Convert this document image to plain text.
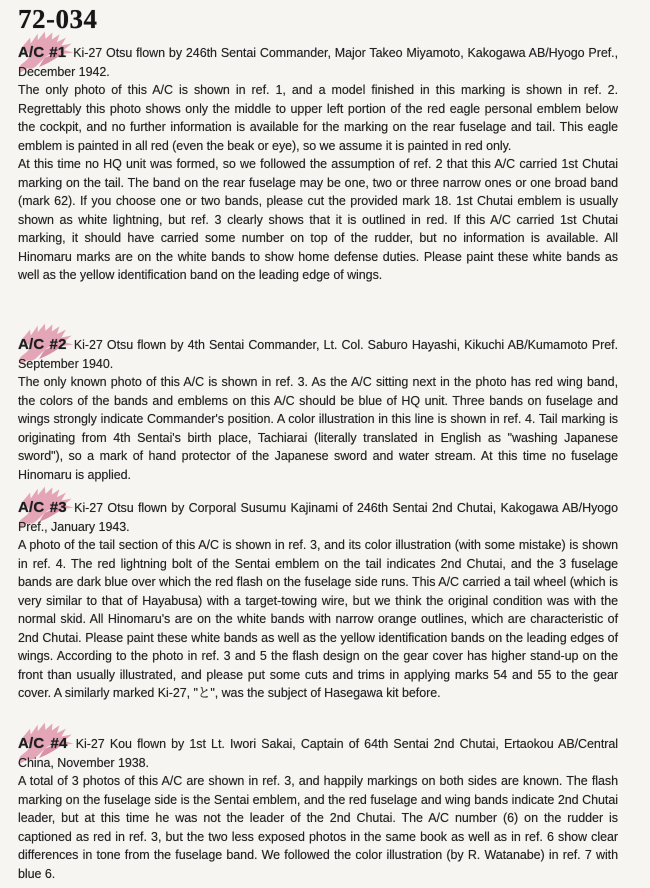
72-034
A/C #1 Ki-27 Otsu flown by 246th Sentai Commander, Major Takeo Miyamoto, Kakogawa AB/Hyogo Pref., December 1942.
The only photo of this A/C is shown in ref. 1, and a model finished in this marking is shown in ref. 2. Regrettably this photo shows only the middle to upper left portion of the red eagle personal emblem below the cockpit, and no further information is available for the marking on the rear fuselage and tail. This eagle emblem is painted in all red (even the beak or eye), so we assume it is painted in red only.
At this time no HQ unit was formed, so we followed the assumption of ref. 2 that this A/C carried 1st Chutai marking on the tail. The band on the rear fuselage may be one, two or three narrow ones or one broad band (mark 62). If you choose one or two bands, please cut the provided mark 18. 1st Chutai emblem is usually shown as white lightning, but ref. 3 clearly shows that it is outlined in red. If this A/C carried 1st Chutai marking, it should have carried some number on top of the rudder, but no information is available. All Hinomaru marks are on the white bands to show home defense duties. Please paint these white bands as well as the yellow identification band on the leading edge of wings.
A/C #2 Ki-27 Otsu flown by 4th Sentai Commander, Lt. Col. Saburo Hayashi, Kikuchi AB/Kumamoto Pref. September 1940.
The only known photo of this A/C is shown in ref. 3. As the A/C sitting next in the photo has red wing band, the colors of the bands and emblems on this A/C should be blue of HQ unit. Three bands on fuselage and wings strongly indicate Commander's position. A color illustration in this line is shown in ref. 4. Tail marking is originating from 4th Sentai's birth place, Tachiarai (literally translated in English as "washing Japanese sword"), so a mark of hand protector of the Japanese sword and water stream. At this time no fuselage Hinomaru is applied.
A/C #3 Ki-27 Otsu flown by Corporal Susumu Kajinami of 246th Sentai 2nd Chutai, Kakogawa AB/Hyogo Pref., January 1943.
A photo of the tail section of this A/C is shown in ref. 3, and its color illustration (with some mistake) is shown in ref. 4. The red lightning bolt of the Sentai emblem on the tail indicates 2nd Chutai, and the 3 fuselage bands are dark blue over which the red flash on the fuselage side runs. This A/C carried a tail wheel (which is very similar to that of Hayabusa) with a target-towing wire, but we think the original condition was with the normal skid. All Hinomaru's are on the white bands with narrow orange outlines, which are characteristic of 2nd Chutai. Please paint these white bands as well as the yellow identification bands on the leading edges of wings. According to the photo in ref. 3 and 5 the flash design on the gear cover has higher stand-up on the front than usually illustrated, and please put some cuts and trims in applying marks 54 and 55 to the gear cover. A similarly marked Ki-27, "と", was the subject of Hasegawa kit before.
A/C #4 Ki-27 Kou flown by 1st Lt. Iwori Sakai, Captain of 64th Sentai 2nd Chutai, Ertaokou AB/Central China, November 1938.
A total of 3 photos of this A/C are shown in ref. 3, and happily markings on both sides are known. The flash marking on the fuselage side is the Sentai emblem, and the red fuselage and wing bands indicate 2nd Chutai leader, but at this time he was not the leader of the 2nd Chutai. The A/C number (6) on the rudder is captioned as red in ref. 3, but the two less exposed photos in the same book as well as in ref. 6 show clear differences in tone from the fuselage band. We followed the color illustration (by R. Watanabe) in ref. 7 with blue 6.
